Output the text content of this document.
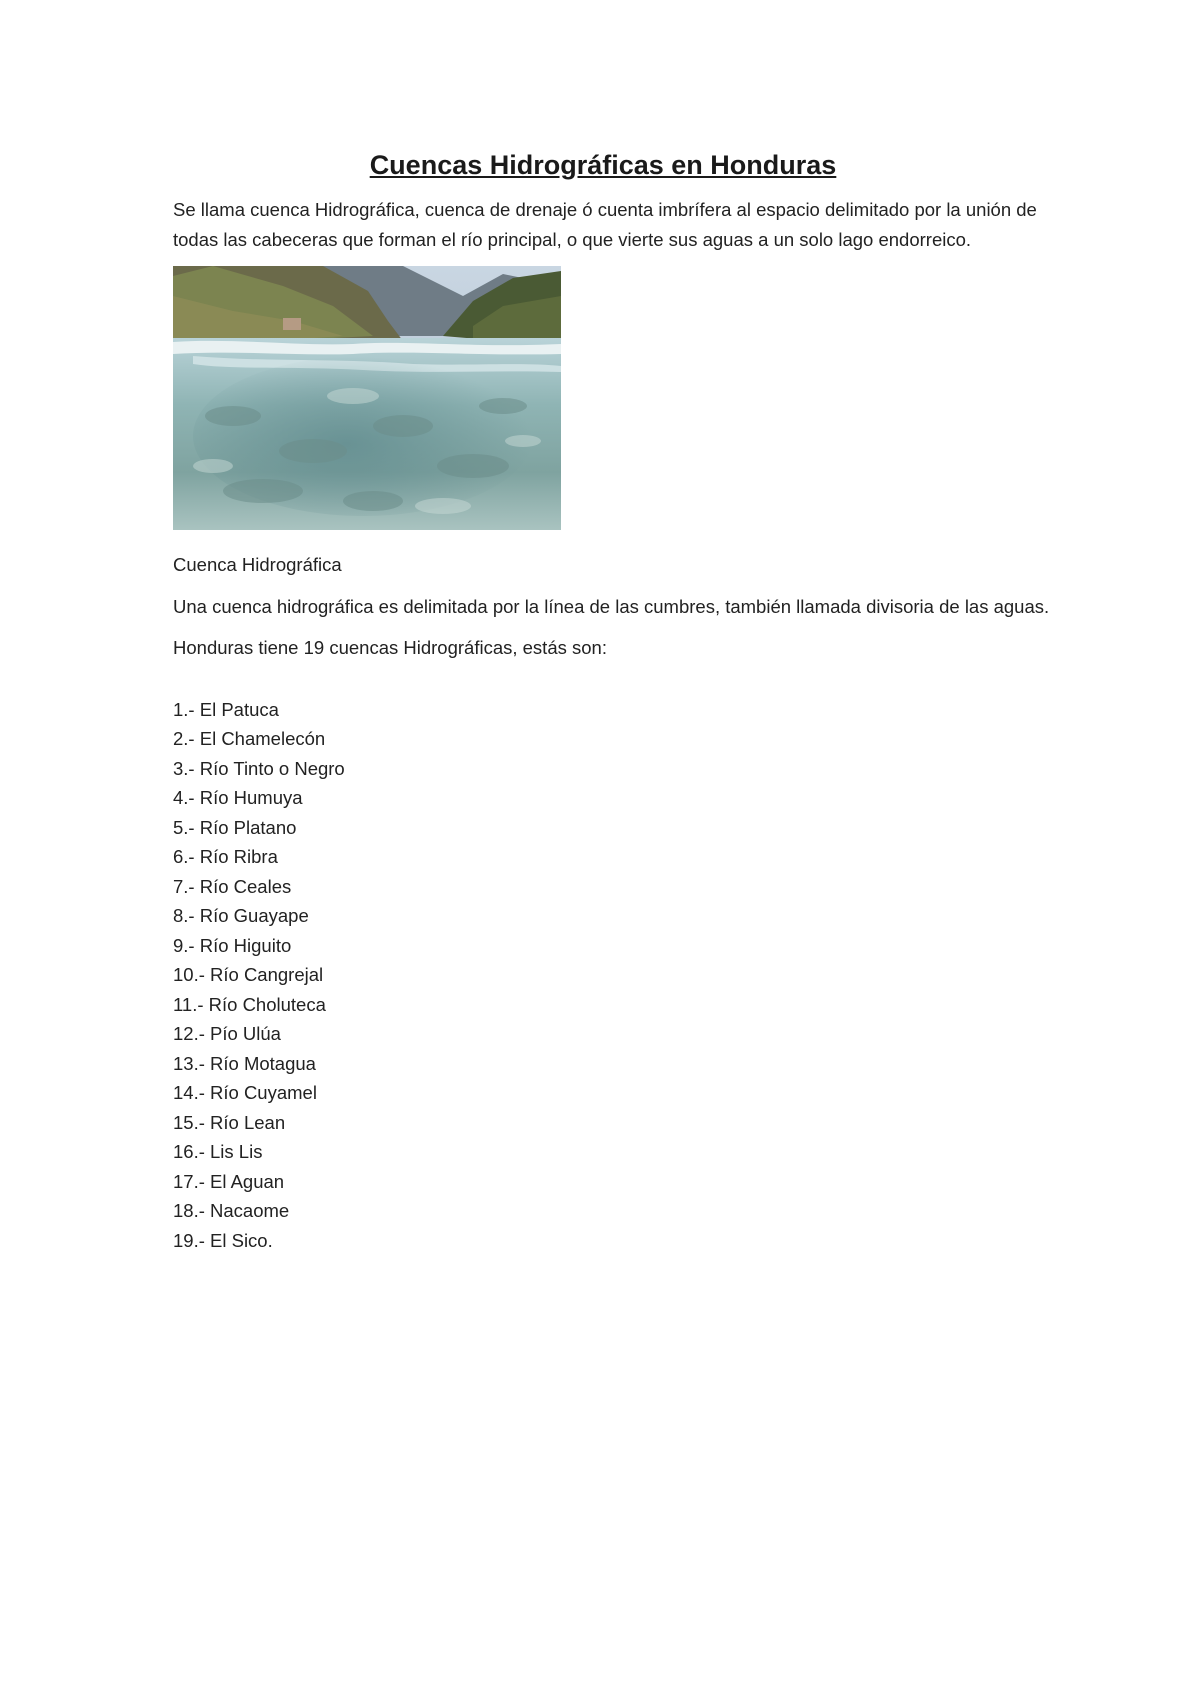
Cuencas Hidrográficas en Honduras

Se llama cuenca Hidrográfica, cuenca de drenaje ó cuenta imbrífera al espacio delimitado por la unión de todas las cabeceras que forman el río principal, o que vierte sus aguas a un solo lago endorreico.

Cuenca Hidrográfica

Una cuenca hidrográfica es delimitada por la línea de las cumbres, también llamada divisoria de las aguas.

Honduras tiene 19 cuencas Hidrográficas, estás son:

1.- El Patuca
2.- El Chamelecón
3.- Río Tinto o Negro
4.- Río Humuya
5.- Río Platano
6.- Río Ribra
7.- Río Ceales
8.- Río Guayape
9.- Río Higuito
10.- Río Cangrejal
11.- Río Choluteca
12.- Pío Ulúa
13.- Río Motagua
14.- Río Cuyamel
15.- Río Lean
16.- Lis Lis
17.- El Aguan
18.- Nacaome
19.- El Sico.
